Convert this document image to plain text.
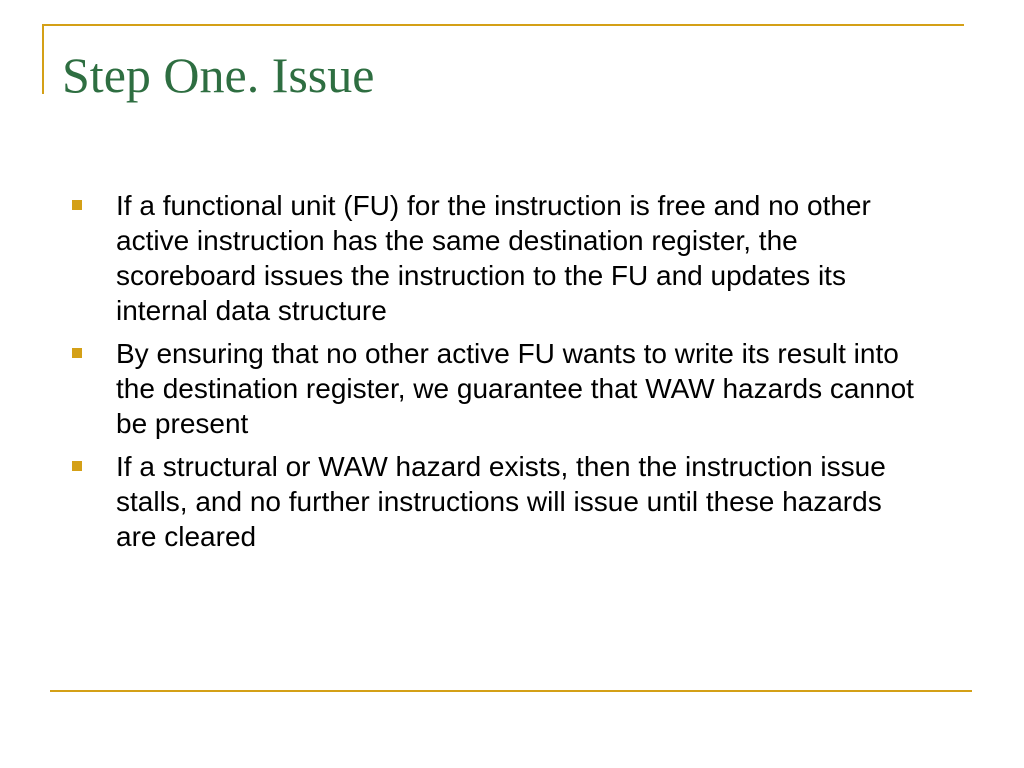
Step One. Issue
If a functional unit (FU) for the instruction is free and no other active instruction has the same destination register, the scoreboard issues the instruction to the FU and updates its internal data structure
By ensuring that no other active FU wants to write its result into the destination register, we guarantee that WAW hazards cannot be present
If a structural or WAW hazard exists, then the instruction issue stalls, and no further instructions will issue until these hazards are cleared
